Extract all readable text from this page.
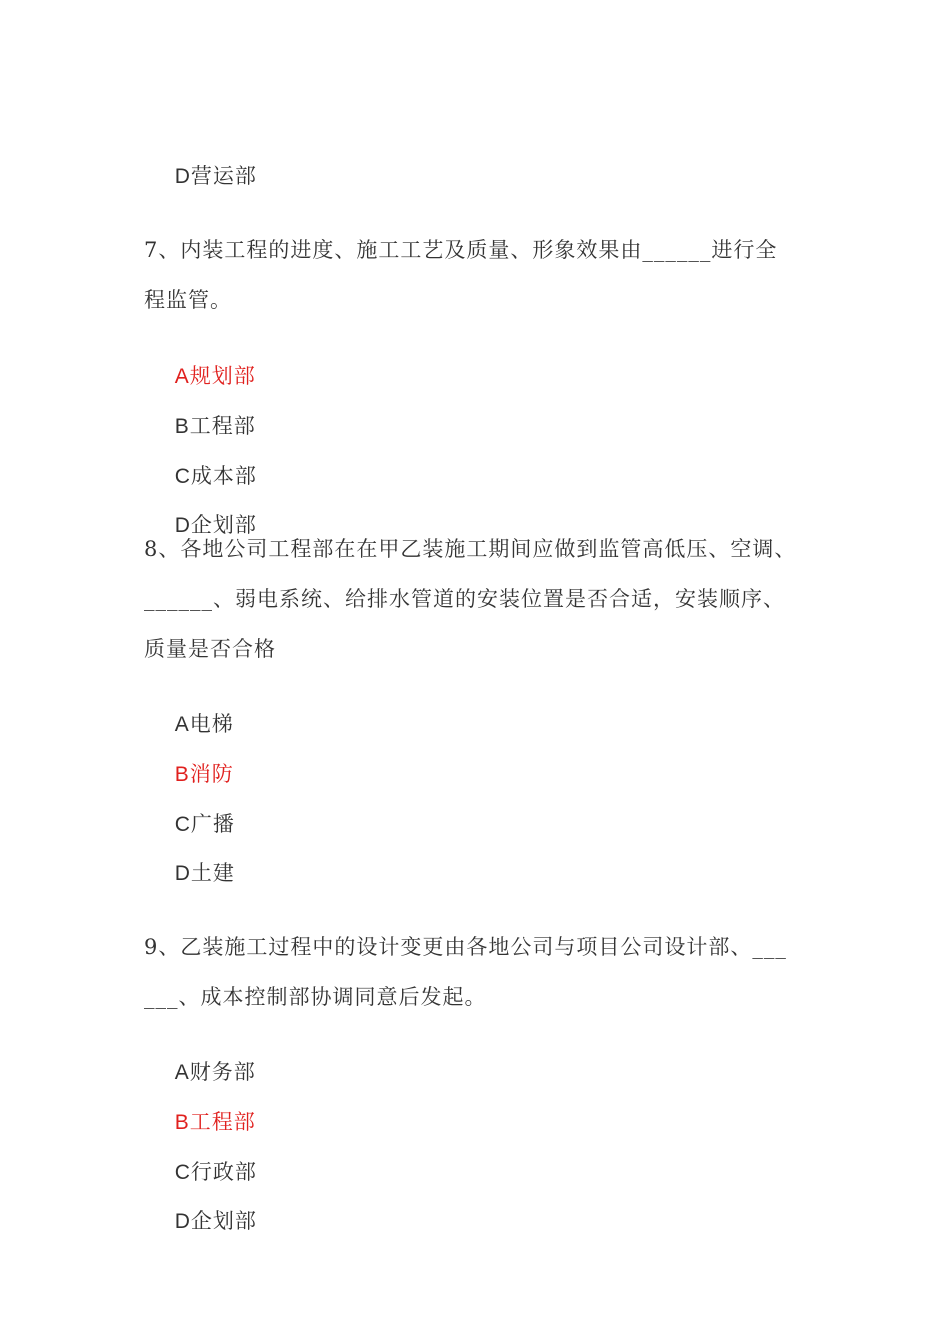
D营运部

7、内装工程的进度、施工工艺及质量、形象效果由______进行全
程监管。

A规划部

B工程部

C成本部

D企划部

8、各地公司工程部在在甲乙装施工期间应做到监管高低压、空调、
______、弱电系统、给排水管道的安装位置是否合适，安装顺序、
质量是否合格

A电梯

B消防

C广播

D土建

9、乙装施工过程中的设计变更由各地公司与项目公司设计部、___
___、成本控制部协调同意后发起。

A财务部

B工程部

C行政部

D企划部
